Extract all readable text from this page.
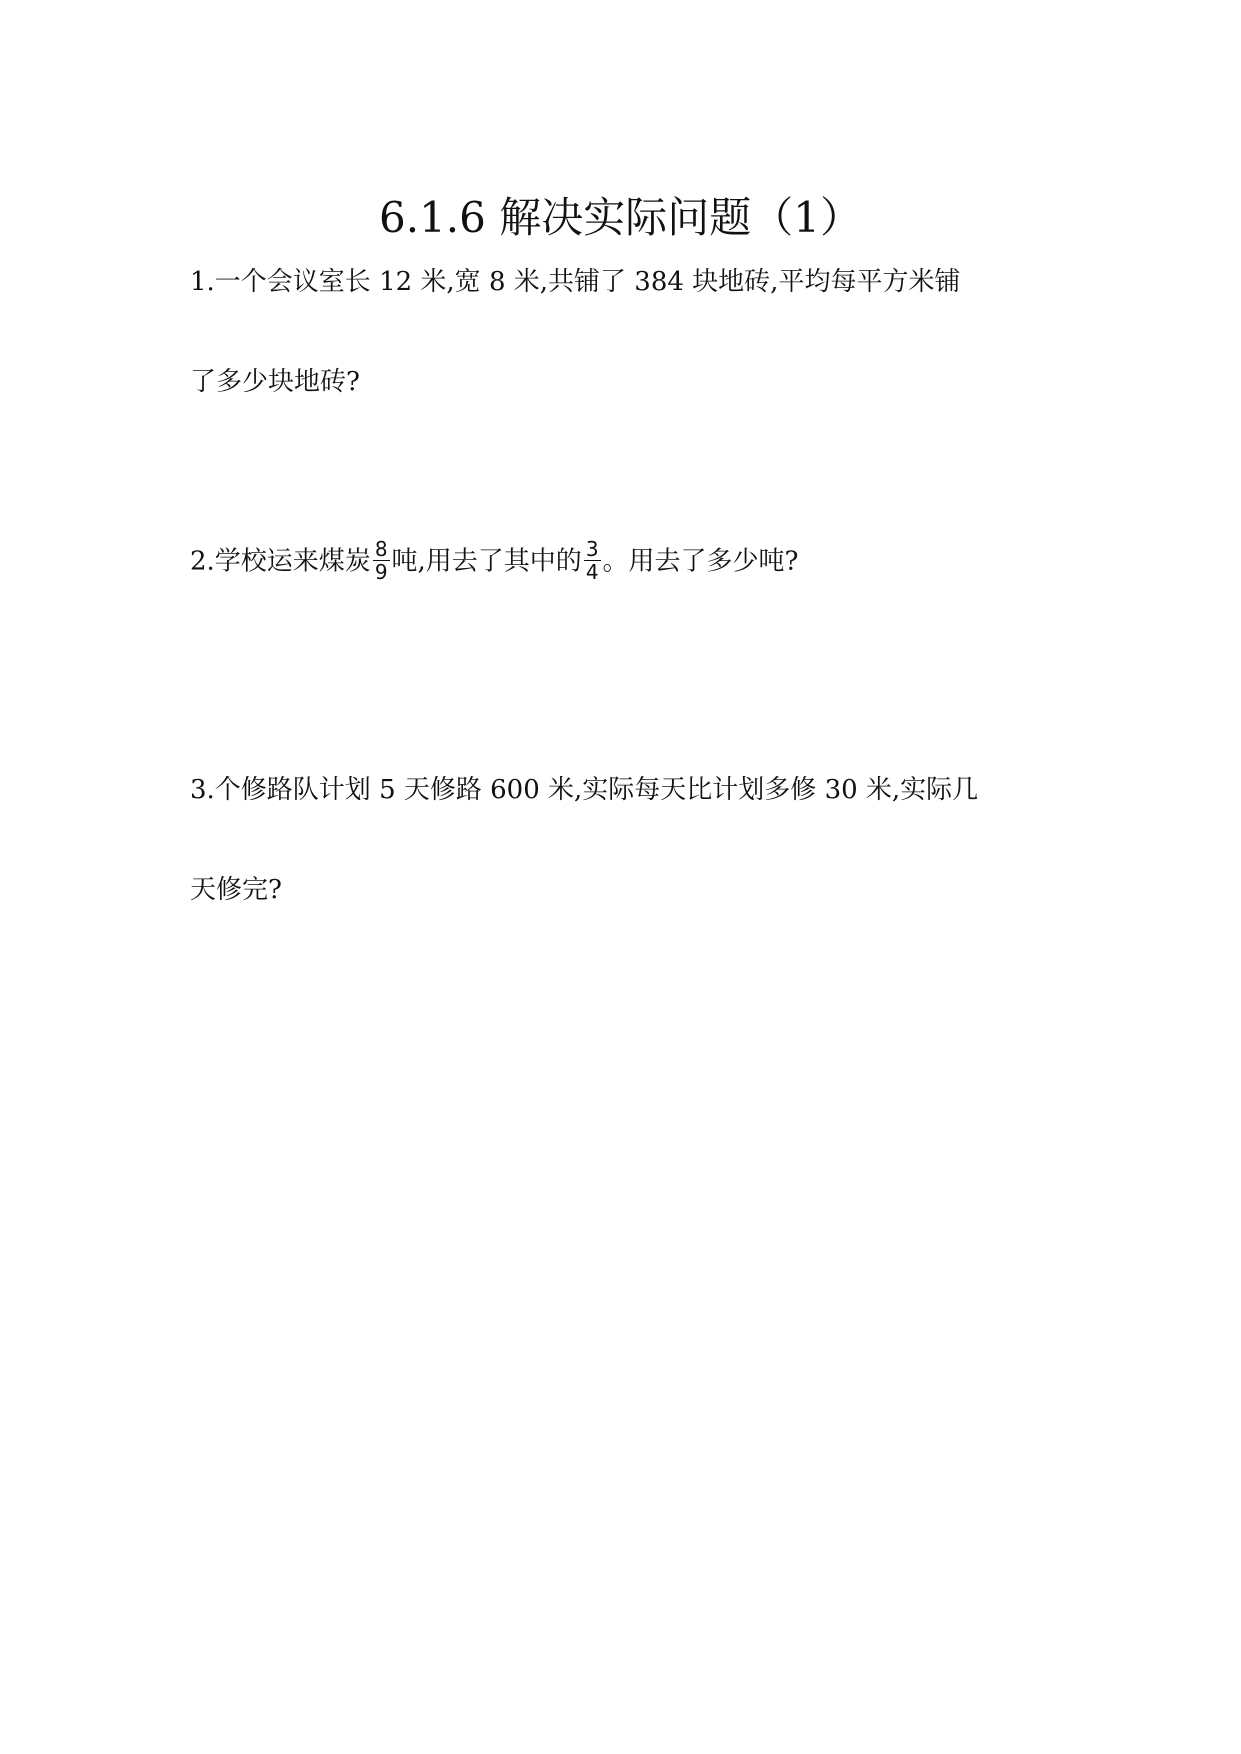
6.1.6 解决实际问题（1）
1.一个会议室长 12 米,宽 8 米,共铺了 384 块地砖,平均每平方米铺
了多少块地砖?
2.学校运来煤炭 $\frac{8}{9}$ 吨,用去了其中的 $\frac{3}{4}$ 。用去了多少吨?
3.个修路队计划 5 天修路 600 米,实际每天比计划多修 30 米,实际几
天修完?
